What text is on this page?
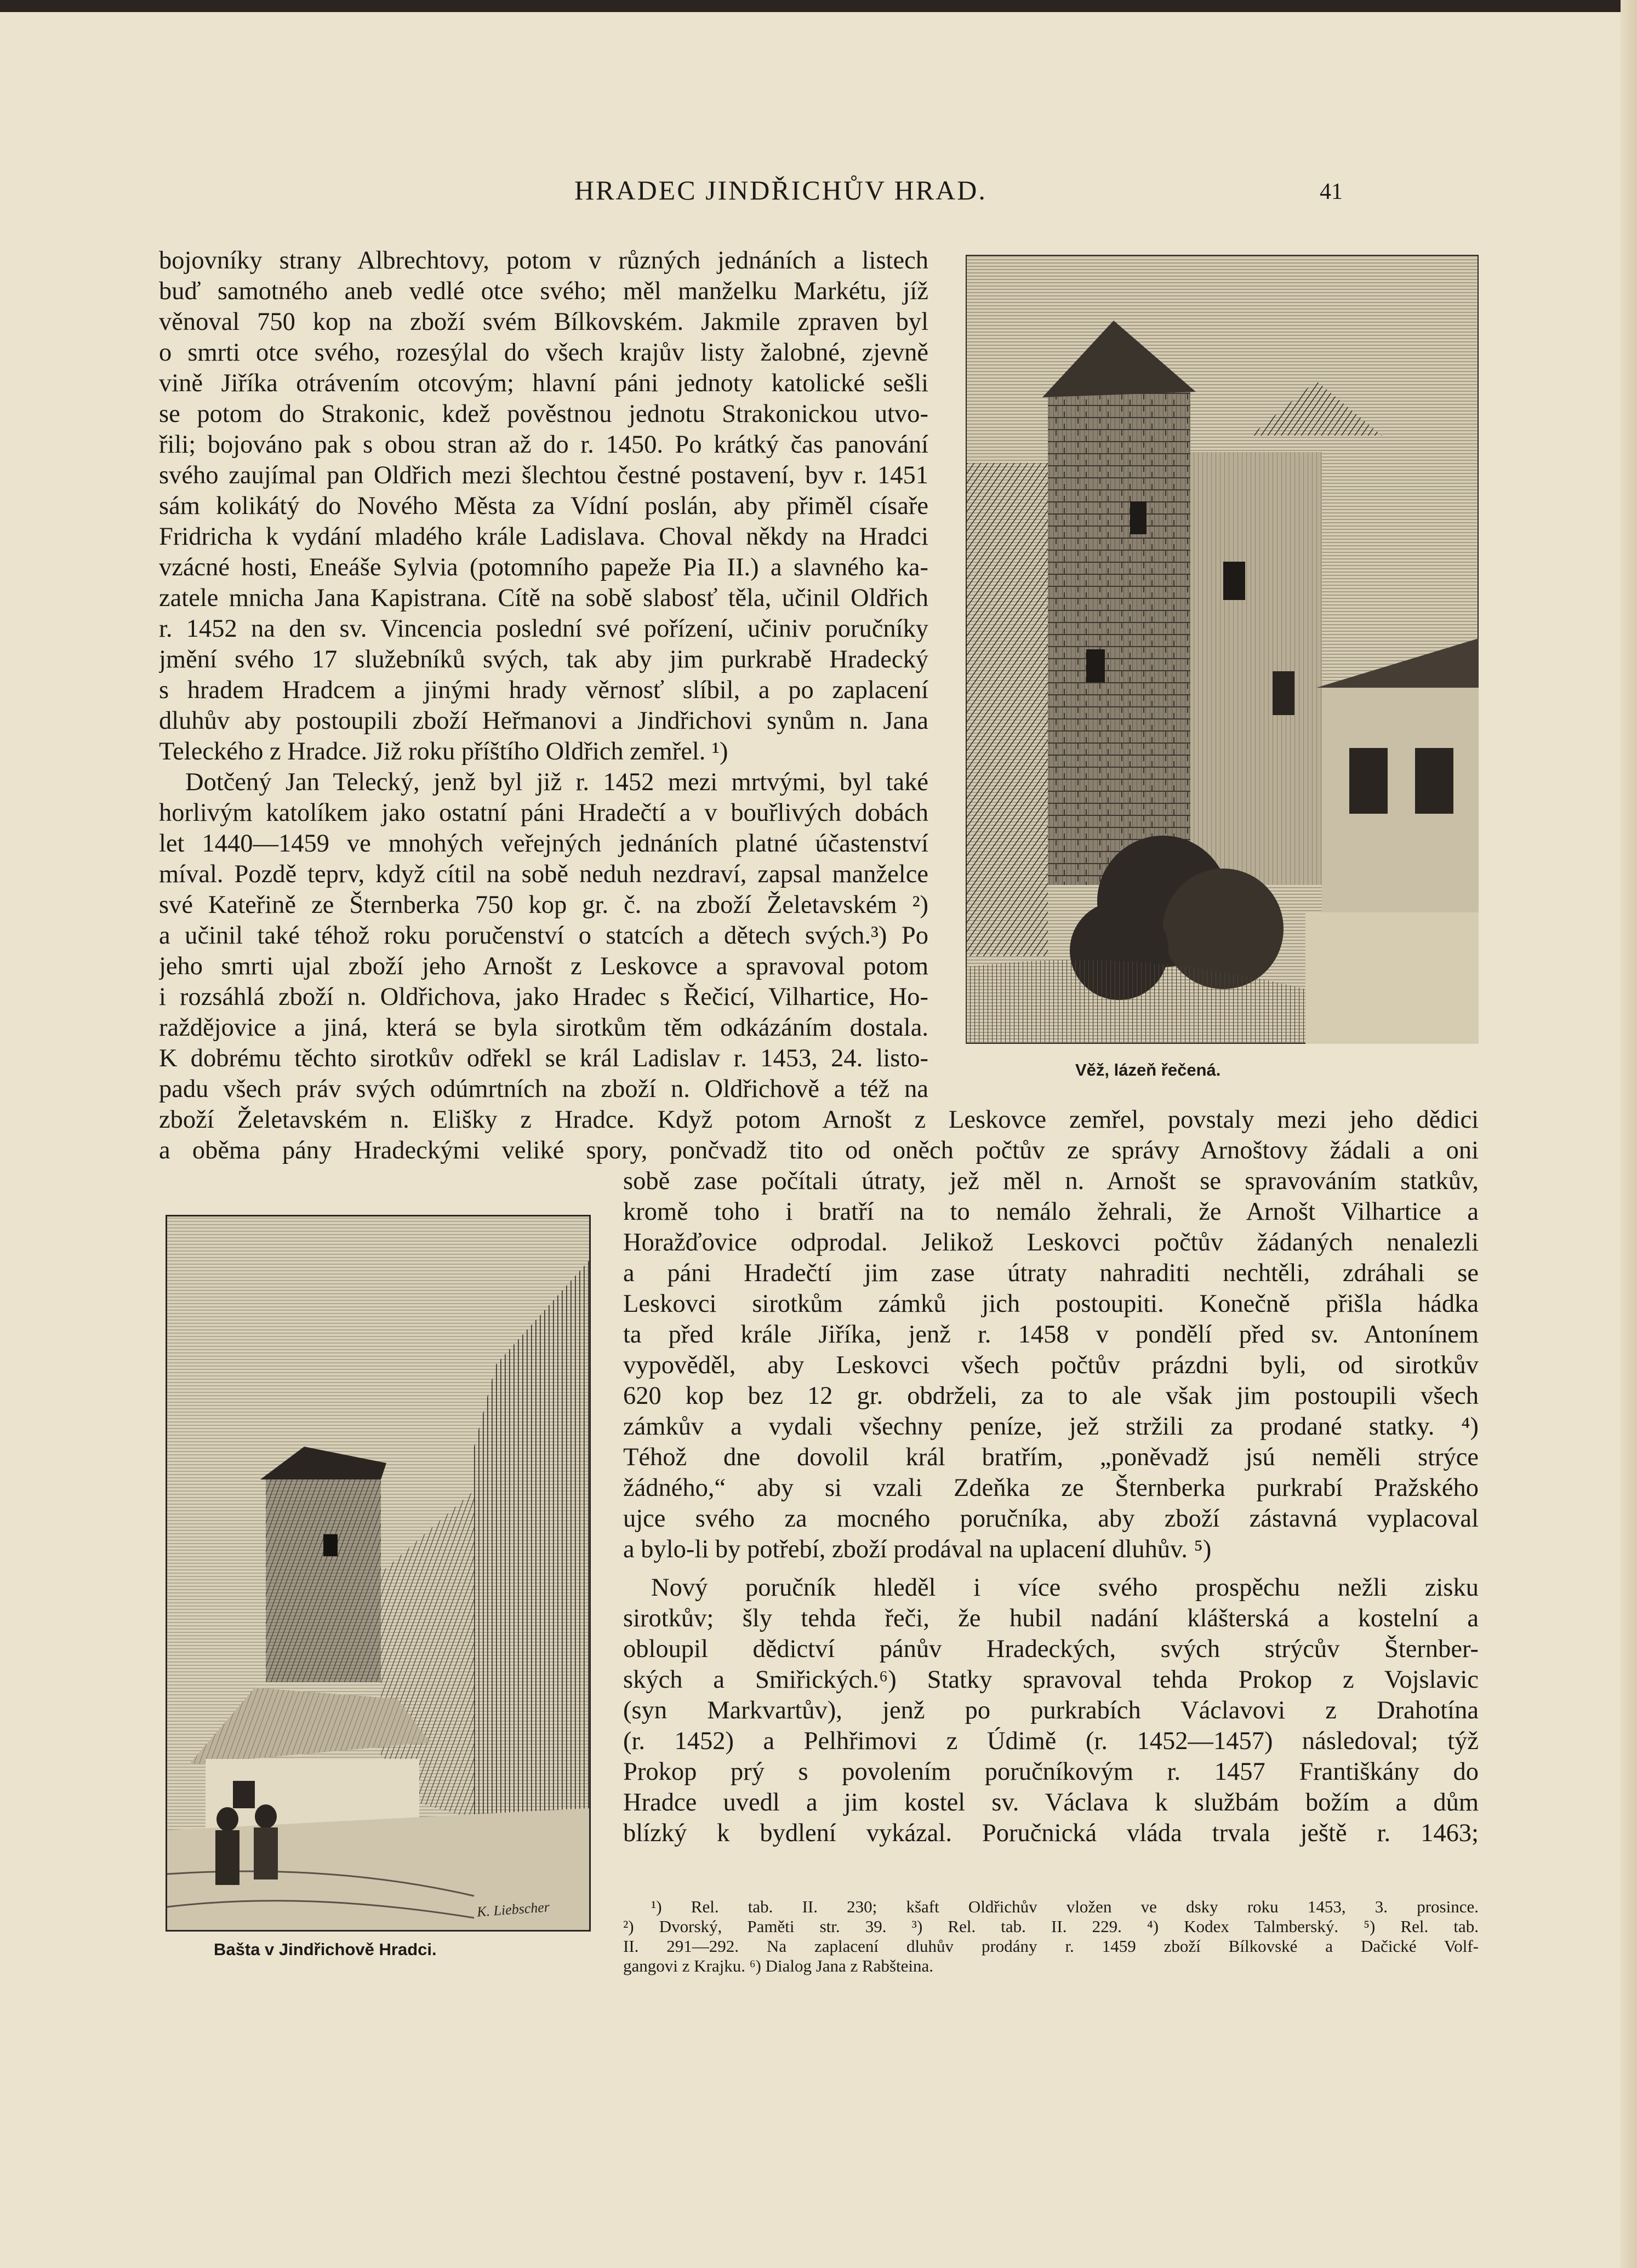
HRADEC JINDŘICHŮV HRAD.	41
Věž, lázeň řečená.
K. Liebscher
Bašta v Jindřichově Hradci.
bojovníky strany Albrechtovy, potom v různých jednáních a listech
buď samotného aneb vedlé otce svého; měl manželku Markétu, jíž
věnoval 750 kop na zboží svém Bílkovském. Jakmile zpraven byl
o smrti otce svého, rozesýlal do všech krajův listy žalobné, zjevně
vině Jiříka otrávením otcovým; hlavní páni jednoty katolické sešli
se potom do Strakonic, kdež pověstnou jednotu Strakonickou utvo-
řili; bojováno pak s obou stran až do r. 1450. Po krátký čas panování
svého zaujímal pan Oldřich mezi šlechtou čestné postavení, byv r. 1451
sám kolikátý do Nového Města za Vídní poslán, aby přiměl císaře
Fridricha k vydání mladého krále Ladislava. Choval někdy na Hradci
vzácné hosti, Eneáše Sylvia (potomního papeže Pia II.) a slavného ka-
zatele mnicha Jana Kapistrana. Cítě na sobě slabosť těla, učinil Oldřich
r. 1452 na den sv. Vincencia poslední své pořízení, učiniv poručníky
jmění svého 17 služebníků svých, tak aby jim purkrabě Hradecký
s hradem Hradcem a jinými hrady věrnosť slíbil, a po zaplacení
dluhův aby postoupili zboží Heřmanovi a Jindřichovi synům n. Jana
Teleckého z Hradce. Již roku příštího Oldřich zemřel. ¹)
Dotčený Jan Telecký, jenž byl již r. 1452 mezi mrtvými, byl také
horlivým katolíkem jako ostatní páni Hradečtí a v bouřlivých dobách
let 1440—1459 ve mnohých veřejných jednáních platné účastenství
míval. Pozdě teprv, když cítil na sobě neduh nezdraví, zapsal manželce
své Kateřině ze Šternberka 750 kop gr. č. na zboží Želetavském ²)
a učinil také téhož roku poručenství o statcích a dětech svých.³) Po
jeho smrti ujal zboží jeho Arnošt z Leskovce a spravoval potom
i rozsáhlá zboží n. Oldřichova, jako Hradec s Řečicí, Vilhartice, Ho-
raždějovice a jiná, která se byla sirotkům těm odkázáním dostala.
K dobrému těchto sirotkův odřekl se král Ladislav r. 1453, 24. listo-
padu všech práv svých odúmrtních na zboží n. Oldřichově a též na
zboží Želetavském n. Elišky z Hradce. Když potom Arnošt z Leskovce zemřel, povstaly mezi jeho dědici
a oběma pány Hradeckými veliké spory, pončvadž tito od oněch počtův ze správy Arnoštovy žádali a oni
sobě zase počítali útraty, jež měl n. Arnošt se spravováním statkův,
kromě toho i bratří na to nemálo žehrali, že Arnošt Vilhartice a
Horažďovice odprodal. Jelikož Leskovci počtův žádaných nenalezli
a páni Hradečtí jim zase útraty nahraditi nechtěli, zdráhali se
Leskovci sirotkům zámků jich postoupiti. Konečně přišla hádka
ta před krále Jiříka, jenž r. 1458 v pondělí před sv. Antonínem
vypověděl, aby Leskovci všech počtův prázdni byli, od sirotkův
620 kop bez 12 gr. obdrželi, za to ale však jim postoupili všech
zámkův a vydali všechny peníze, jež stržili za prodané statky. ⁴)
Téhož dne dovolil král bratřím, „poněvadž jsú neměli strýce
žádného,“ aby si vzali Zdeňka ze Šternberka purkrabí Pražského
ujce svého za mocného poručníka, aby zboží zástavná vyplacoval
a bylo-li by potřebí, zboží prodával na uplacení dluhův. ⁵)
Nový poručník hleděl i více svého prospěchu nežli zisku
sirotkův; šly tehda řeči, že hubil nadání klášterská a kostelní a
obloupil dědictví pánův Hradeckých, svých strýcův Šternber-
ských a Smiřických.⁶) Statky spravoval tehda Prokop z Vojslavic
(syn Markvartův), jenž po purkrabích Václavovi z Drahotína
(r. 1452) a Pelhřimovi z Údimě (r. 1452—1457) následoval; týž
Prokop prý s povolením poručníkovým r. 1457 Františkány do
Hradce uvedl a jim kostel sv. Václava k službám božím a dům
blízký k bydlení vykázal. Poručnická vláda trvala ještě r. 1463;
¹) Rel. tab. II. 230; kšaft Oldřichův vložen ve dsky roku 1453, 3. prosince.
²) Dvorský, Paměti str. 39. ³) Rel. tab. II. 229. ⁴) Kodex Talmberský. ⁵) Rel. tab.
II. 291—292. Na zaplacení dluhův prodány r. 1459 zboží Bílkovské a Dačické Volf-
gangovi z Krajku. ⁶) Dialog Jana z Rabšteina.
